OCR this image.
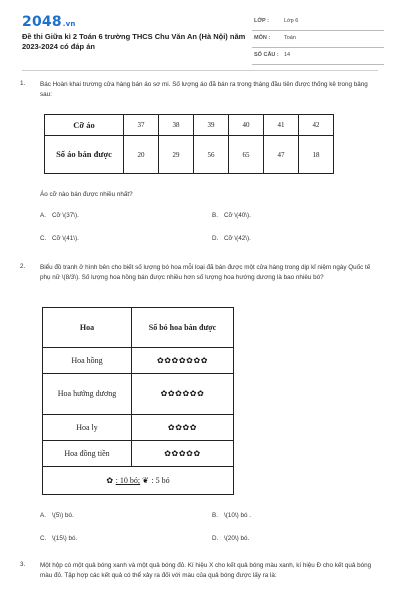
2048.vn
Đề thi Giữa kì 2 Toán 6 trường THCS Chu Văn An (Hà Nội) năm 2023-2024 có đáp án
LỚP :	Lớp 6
MÔN :	Toán
SỐ CÂU : 14
1. Bác Hoàn khai trương cửa hàng bán áo sơ mi. Số lượng áo đã bán ra trong tháng đầu tiên được thống kê trong bảng sau:
Cỡ áo	37	38	39	40	41	42
Số áo bán được	20	29	56	65	47	18
Áo cỡ nào bán được nhiều nhất?
A. Cỡ \(37\).	B. Cỡ \(40\).
C. Cỡ \(41\).	D. Cỡ \(42\).
2. Biểu đồ tranh ở hình bên cho biết số lượng bó hoa mỗi loại đã bán được một cửa hàng trong dịp kỉ niệm ngày Quốc tế phụ nữ \(8/3\). Số lượng hoa hồng bán được nhiều hơn số lượng hoa hướng dương là bao nhiêu bó?
Hoa	Số bó hoa bán được
Hoa hồng	✿✿✿✿✿✿✿
Hoa hướng dương	✿✿✿✿✿✿
Hoa ly	✿✿✿✿
Hoa đồng tiền	✿✿✿✿✿
✿ : 10 bó; ❦ : 5 bó	
A. \(5\) bó.	B. \(10\) bó .
C. \(15\) bó.	D. \(20\) bó.
3. Một hộp có một quả bóng xanh và một quả bóng đỏ. Kí hiệu X cho kết quả bóng màu xanh, kí hiệu Đ cho kết quả bóng màu đỏ. Tập hợp các kết quả có thể xảy ra đối với màu của quả bóng được lấy ra là:
